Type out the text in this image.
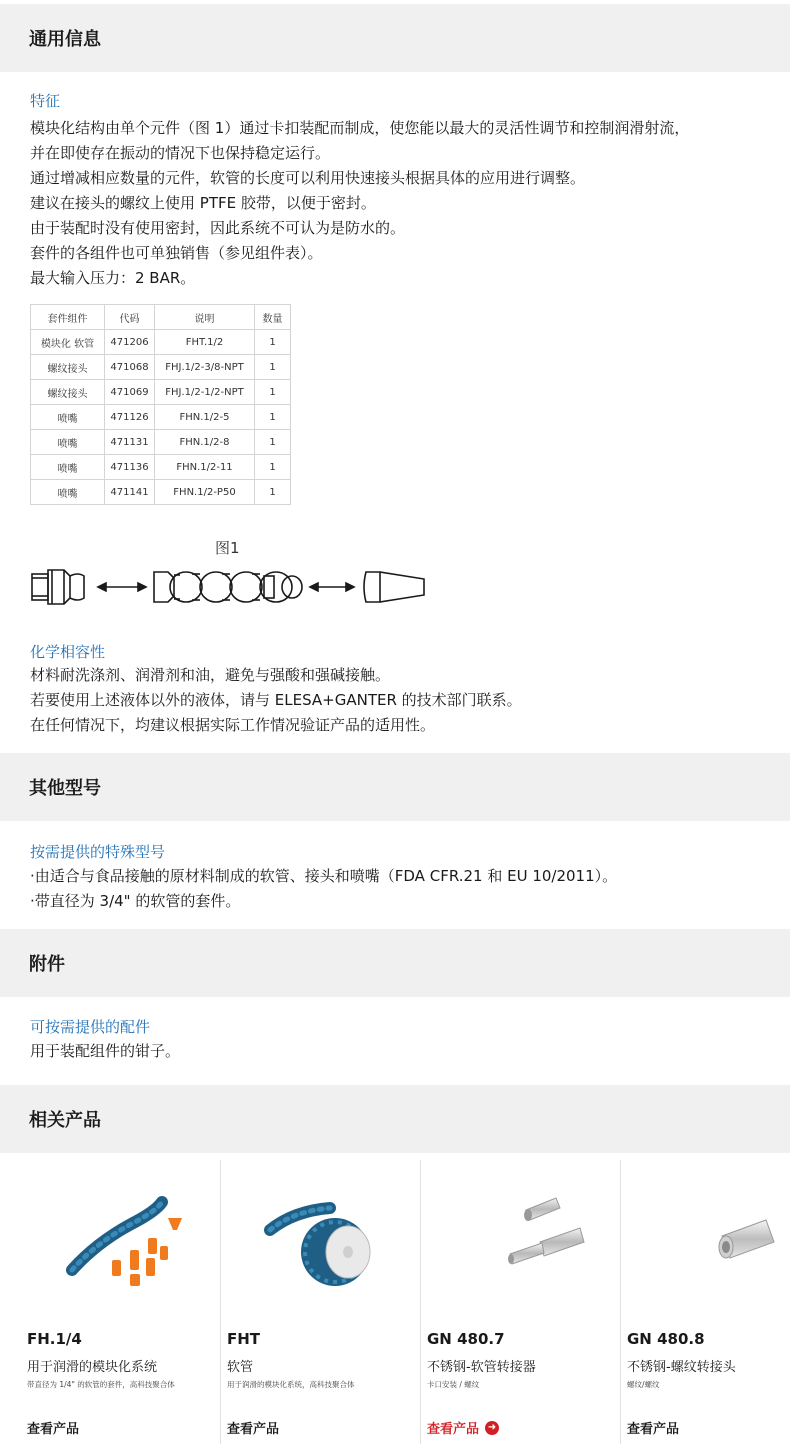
通用信息
特征
模块化结构由单个元件（图 1）通过卡扣装配而制成，使您能以最大的灵活性调节和控制润滑射流，
并在即使存在振动的情况下也保持稳定运行。
通过增减相应数量的元件，软管的长度可以利用快速接头根据具体的应用进行调整。
建议在接头的螺纹上使用 PTFE 胶带，以便于密封。
由于装配时没有使用密封，因此系统不可认为是防水的。
套件的各组件也可单独销售（参见组件表）。
最大输入压力：2 BAR。
套件组件	代码	说明	数量
模块化 软管	471206	FHT.1/2	1
螺纹接头	471068	FHJ.1/2-3/8-NPT	1
螺纹接头	471069	FHJ.1/2-1/2-NPT	1
喷嘴	471126	FHN.1/2-5	1
喷嘴	471131	FHN.1/2-8	1
喷嘴	471136	FHN.1/2-11	1
喷嘴	471141	FHN.1/2-P50	1
图1
化学相容性
材料耐洗涤剂、润滑剂和油，避免与强酸和强碱接触。
若要使用上述液体以外的液体，请与 ELESA+GANTER 的技术部门联系。
在任何情况下，均建议根据实际工作情况验证产品的适用性。
其他型号
按需提供的特殊型号
·由适合与食品接触的原材料制成的软管、接头和喷嘴（FDA CFR.21 和 EU 10/2011）。
·带直径为 3/4" 的软管的套件。
附件
可按需提供的配件
用于装配组件的钳子。
相关产品
FH.1/4
用于润滑的模块化系统
带直径为 1/4" 的软管的套件，高科技聚合体
查看产品
FHT
软管
用于润滑的模块化系统，高科技聚合体
查看产品
GN 480.7
不锈钢-软管转接器
卡口安装 / 螺纹
查看产品 ➜
GN 480.8
不锈钢-螺纹转接头
螺纹/螺纹
查看产品
